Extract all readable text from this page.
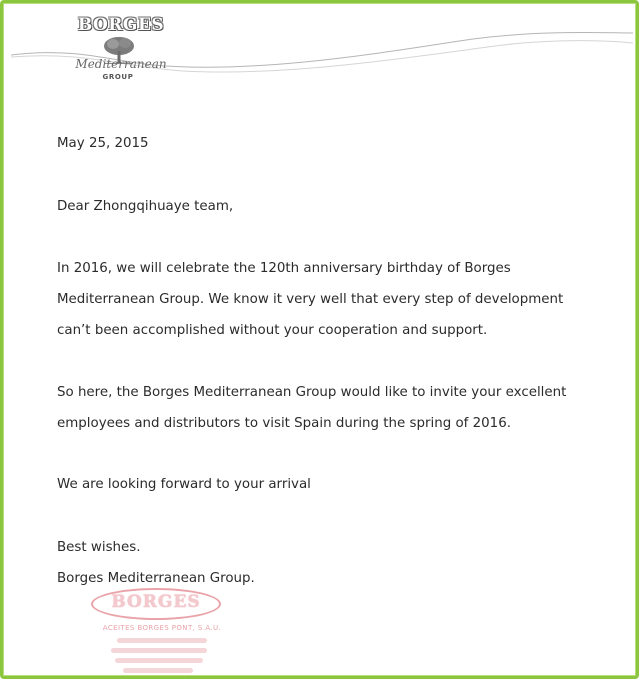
BORGES
Mediterranean
GROUP
May 25, 2015
Dear Zhongqihuaye team,
In 2016, we will celebrate the 120th anniversary birthday of Borges
Mediterranean Group. We know it very well that every step of development
can’t been accomplished without your cooperation and support.
So here, the Borges Mediterranean Group would like to invite your excellent
employees and distributors to visit Spain during the spring of 2016.
We are looking forward to your arrival
Best wishes.
Borges Mediterranean Group.
BORGES
ACEITES BORGES PONT, S.A.U.
